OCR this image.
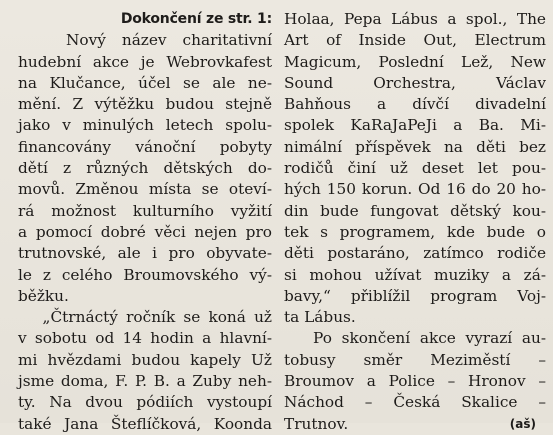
Dokončení ze str. 1:
Nový název charitativní
hudební akce je Webrovkafest
na Klučance, účel se ale ne-
mění. Z výtěžku budou stejně
jako v minulých letech spolu-
financovány vánoční pobyty
dětí z různých dětských do-
movů. Změnou místa se oteví-
rá možnost kulturního vyžití
a pomocí dobré věci nejen pro
trutnovské, ale i pro obyvate-
le z celého Broumovského vý-
běžku.
„Čtrnáctý ročník se koná už
v sobotu od 14 hodin a hlavní-
mi hvězdami budou kapely Už
jsme doma, F. P. B. a Zuby neh-
ty. Na dvou pódiích vystoupí
také Jana Šteflíčková, Koonda
Holaa, Pepa Lábus a spol., The
Art of Inside Out, Electrum
Magicum, Poslední Lež, New
Sound Orchestra, Václav
Bahňous a dívčí divadelní
spolek KaRaJaPeJi a Ba. Mi-
nimální příspěvek na děti bez
rodičů činí už deset let pou-
hých 150 korun. Od 16 do 20 ho-
din bude fungovat dětský kou-
tek s programem, kde bude o
děti postaráno, zatímco rodiče
si mohou užívat muziky a zá-
bavy,“ přiblížil program Voj-
ta Lábus.
Po skončení akce vyrazí au-
tobusy směr Meziměstí –
Broumov a Police – Hronov –
Náchod – Česká Skalice –
Trutnov.	(aš)
